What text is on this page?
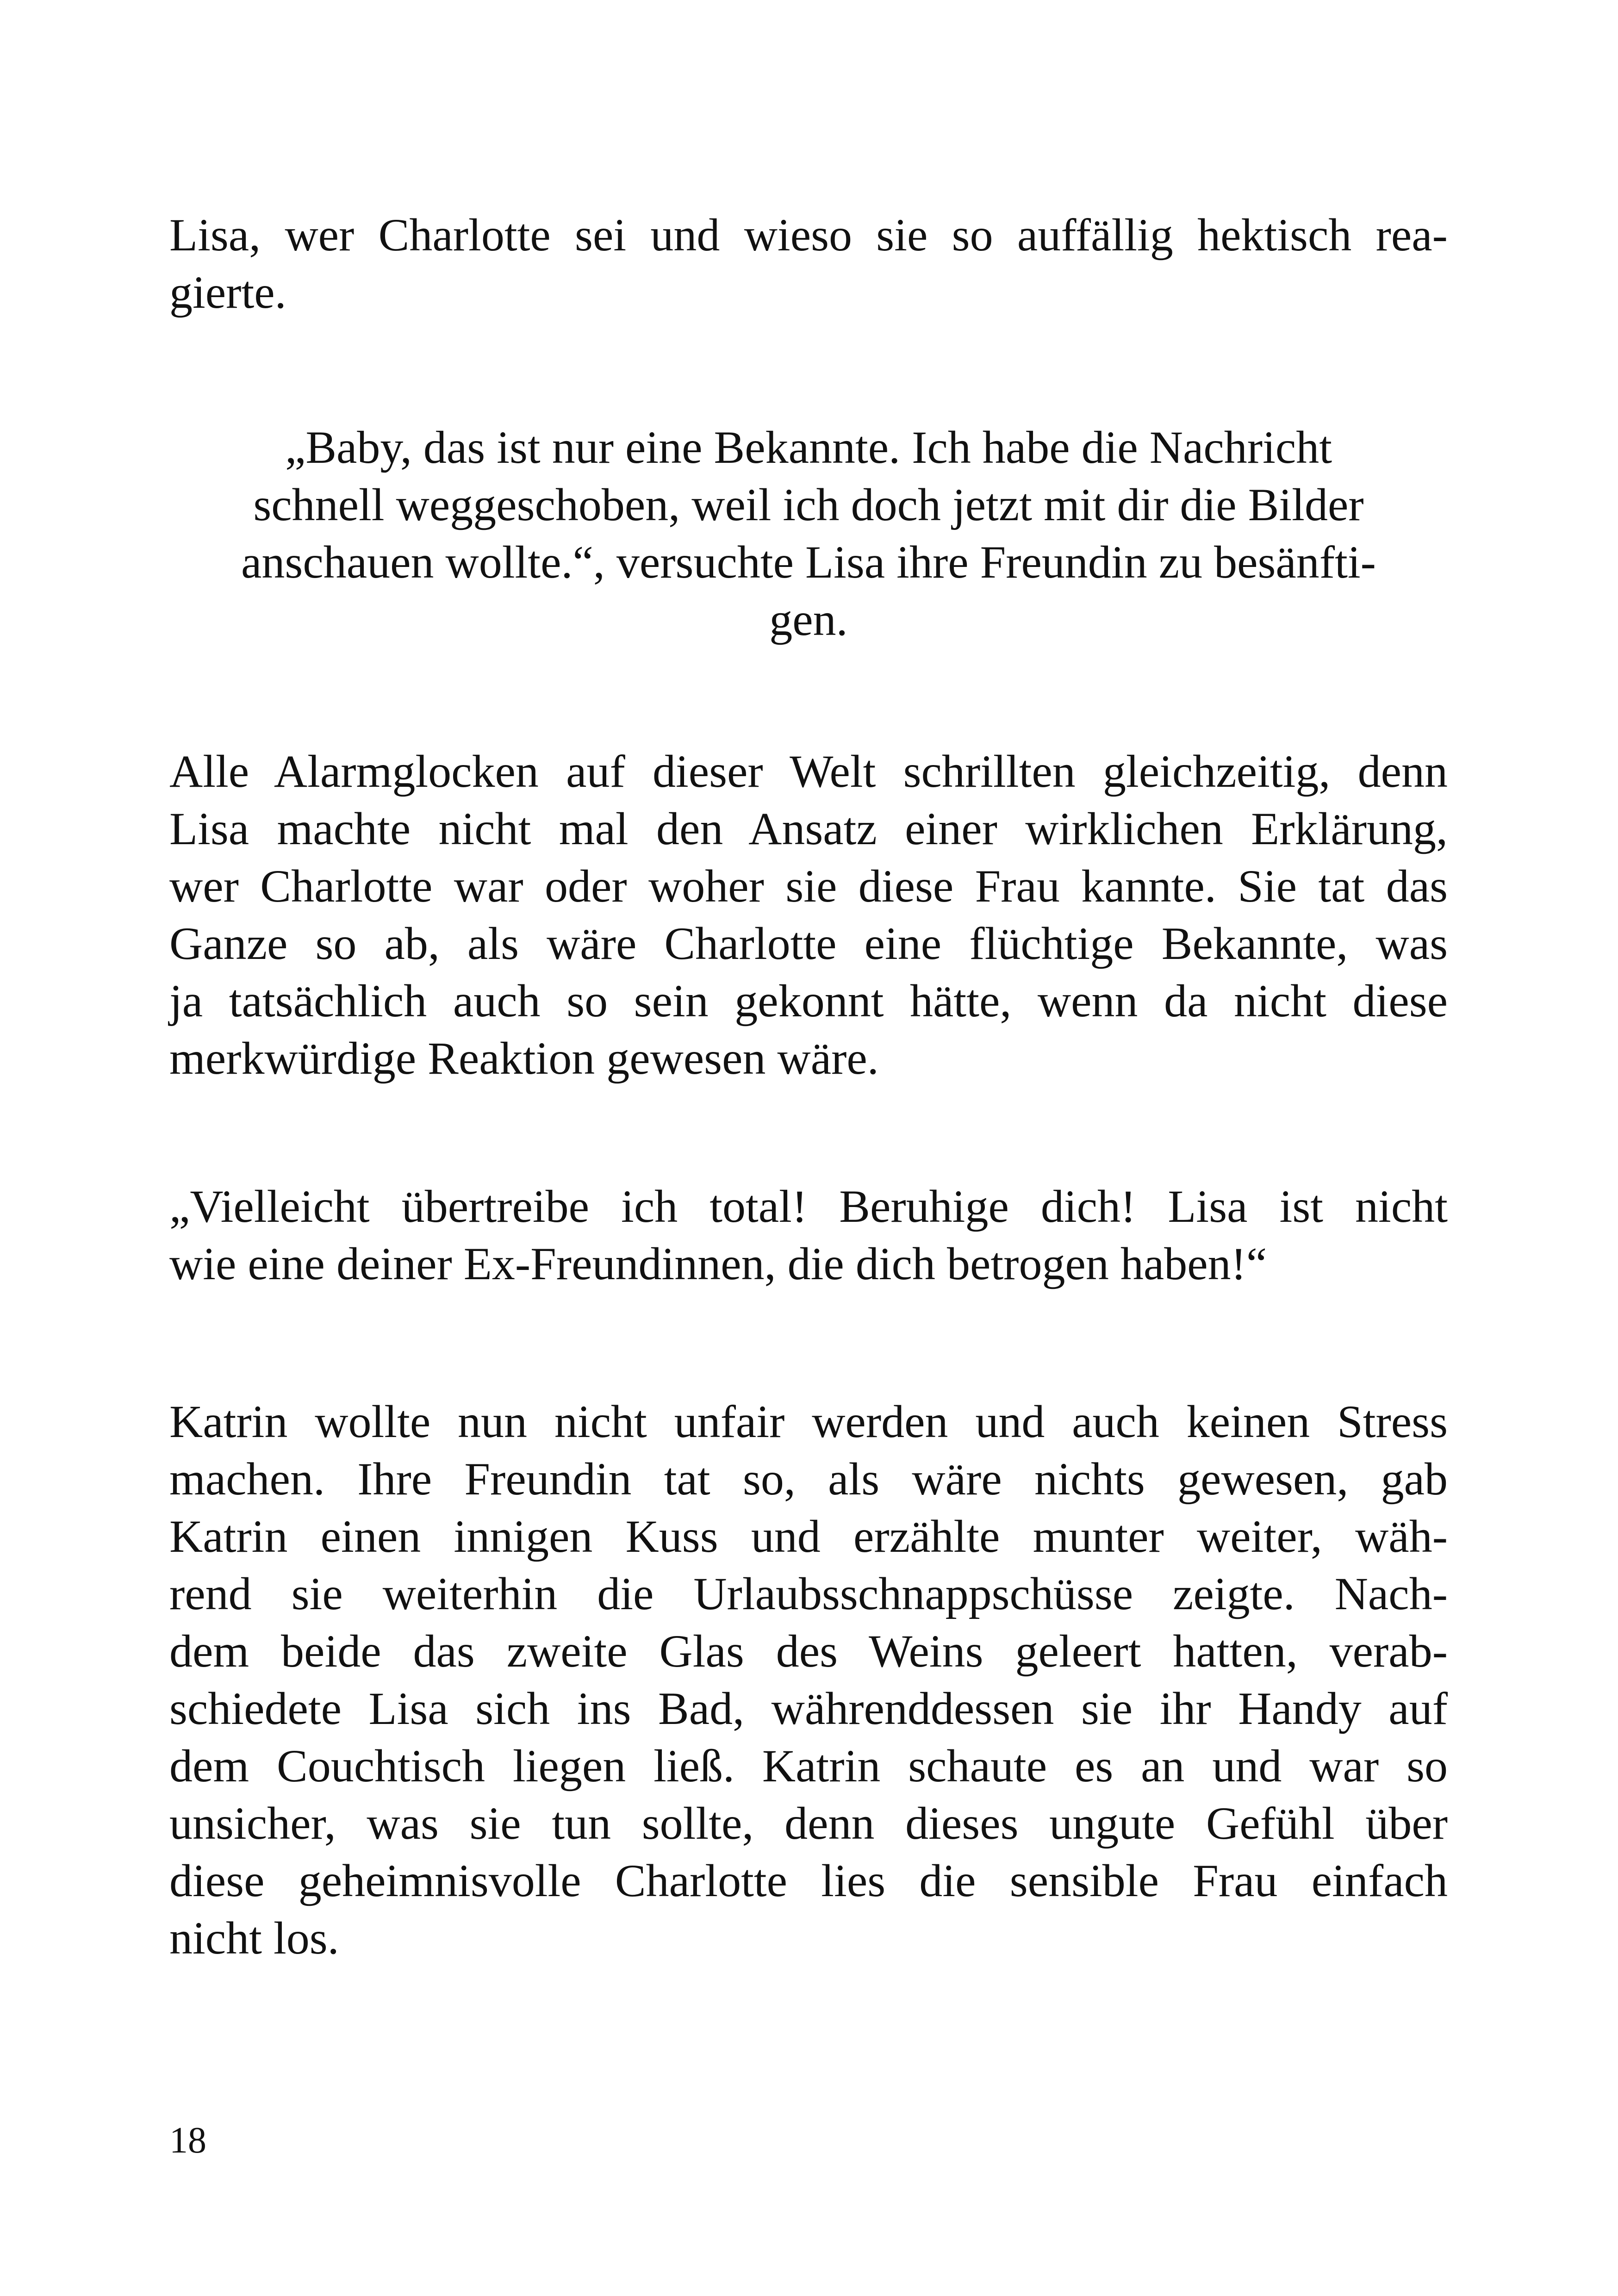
Lisa, wer Charlotte sei und wieso sie so auffällig hektisch rea-
gierte.
„Baby, das ist nur eine Bekannte. Ich habe die Nachricht
schnell weggeschoben, weil ich doch jetzt mit dir die Bilder
anschauen wollte.“, versuchte Lisa ihre Freundin zu besänfti-
gen.
Alle Alarmglocken auf dieser Welt schrillten gleichzeitig, denn
Lisa machte nicht mal den Ansatz einer wirklichen Erklärung,
wer Charlotte war oder woher sie diese Frau kannte. Sie tat das
Ganze so ab, als wäre Charlotte eine flüchtige Bekannte, was
ja tatsächlich auch so sein gekonnt hätte, wenn da nicht diese
merkwürdige Reaktion gewesen wäre.
„Vielleicht übertreibe ich total! Beruhige dich! Lisa ist nicht
wie eine deiner Ex-Freundinnen, die dich betrogen haben!“
Katrin wollte nun nicht unfair werden und auch keinen Stress
machen. Ihre Freundin tat so, als wäre nichts gewesen, gab
Katrin einen innigen Kuss und erzählte munter weiter, wäh-
rend sie weiterhin die Urlaubsschnappschüsse zeigte. Nach-
dem beide das zweite Glas des Weins geleert hatten, verab-
schiedete Lisa sich ins Bad, währenddessen sie ihr Handy auf
dem Couchtisch liegen ließ. Katrin schaute es an und war so
unsicher, was sie tun sollte, denn dieses ungute Gefühl über
diese geheimnisvolle Charlotte lies die sensible Frau einfach
nicht los.

18
